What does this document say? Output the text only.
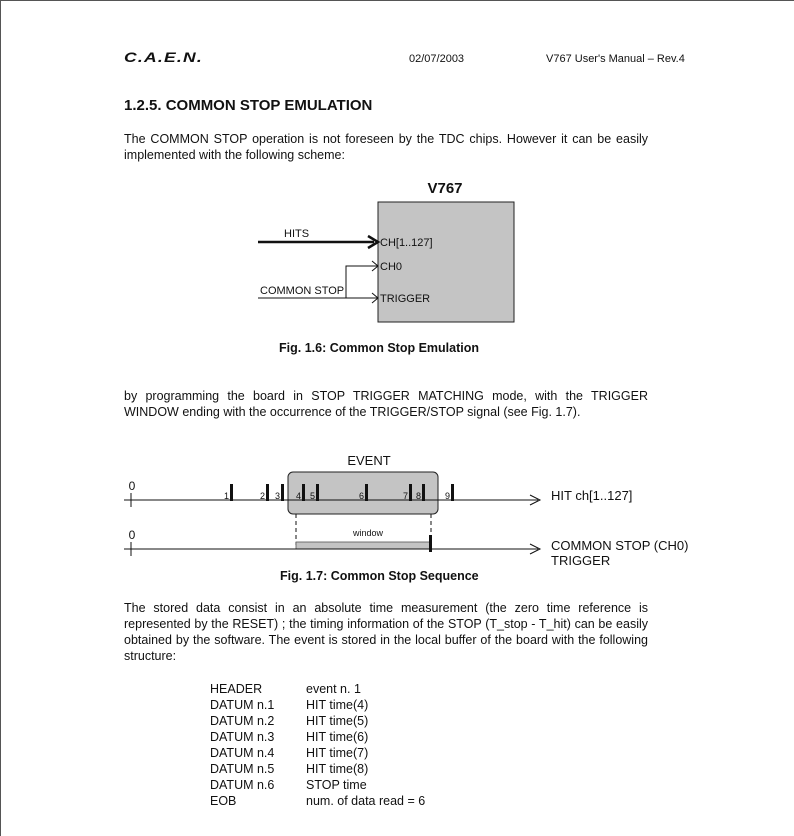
C.A.E.N.	02/07/2003	V767 User's Manual – Rev.4
1.2.5. COMMON STOP EMULATION

The COMMON STOP operation is not foreseen by the TDC chips. However it can be easily implemented with the following scheme:

V767
HITS
COMMON STOP
CH[1..127]
CH0
TRIGGER
Fig. 1.6: Common Stop Emulation

by programming the board in STOP TRIGGER MATCHING mode, with the TRIGGER WINDOW ending with the occurrence of the TRIGGER/STOP signal (see Fig. 1.7).

EVENT
0
HIT ch[1..127]
1	2 3 4 5	6	7 8	9
window
0
COMMON STOP (CH0)
TRIGGER
Fig. 1.7: Common Stop Sequence

The stored data consist in an absolute time measurement (the zero time reference is represented by the RESET) ; the timing information of the STOP (T_stop - T_hit) can be easily obtained by the software. The event is stored in the local buffer of the board with the following structure:

HEADER	event n. 1
DATUM n.1	HIT time(4)
DATUM n.2	HIT time(5)
DATUM n.3	HIT time(6)
DATUM n.4	HIT time(7)
DATUM n.5	HIT time(8)
DATUM n.6	STOP time
EOB	num. of data read = 6
